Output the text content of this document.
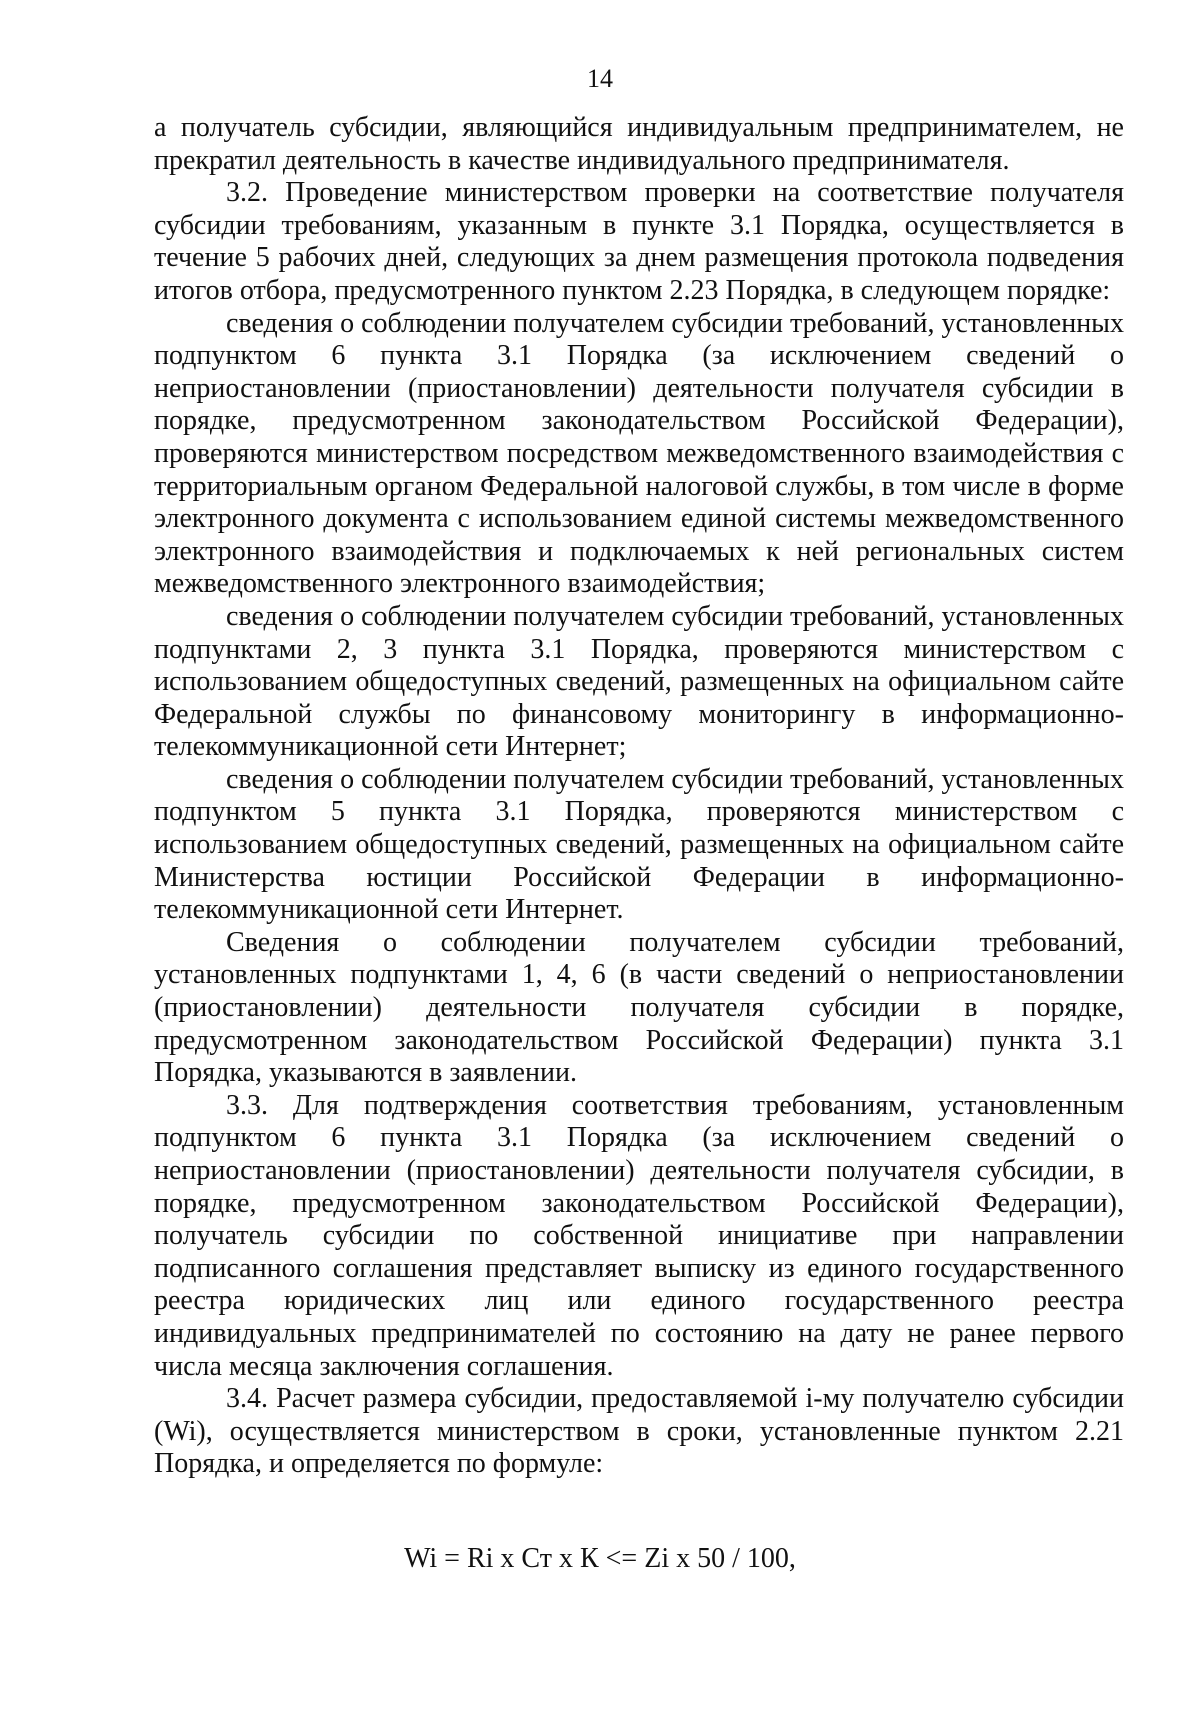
14

а получатель субсидии, являющийся индивидуальным предпринимателем, не прекратил деятельность в качестве индивидуального предпринимателя.

3.2. Проведение министерством проверки на соответствие получателя субсидии требованиям, указанным в пункте 3.1 Порядка, осуществляется в течение 5 рабочих дней, следующих за днем размещения протокола подведения итогов отбора, предусмотренного пунктом 2.23 Порядка, в следующем порядке:

сведения о соблюдении получателем субсидии требований, установленных подпунктом 6 пункта 3.1 Порядка (за исключением сведений о неприостановлении (приостановлении) деятельности получателя субсидии в порядке, предусмотренном законодательством Российской Федерации), проверяются министерством посредством межведомственного взаимодействия с территориальным органом Федеральной налоговой службы, в том числе в форме электронного документа с использованием единой системы межведомственного электронного взаимодействия и подключаемых к ней региональных систем межведомственного электронного взаимодействия;

сведения о соблюдении получателем субсидии требований, установленных подпунктами 2, 3 пункта 3.1 Порядка, проверяются министерством с использованием общедоступных сведений, размещенных на официальном сайте Федеральной службы по финансовому мониторингу в информационно-телекоммуникационной сети Интернет;

сведения о соблюдении получателем субсидии требований, установленных подпунктом 5 пункта 3.1 Порядка, проверяются министерством с использованием общедоступных сведений, размещенных на официальном сайте Министерства юстиции Российской Федерации в информационно-телекоммуникационной сети Интернет.

Сведения о соблюдении получателем субсидии требований, установленных подпунктами 1, 4, 6 (в части сведений о неприостановлении (приостановлении) деятельности получателя субсидии в порядке, предусмотренном законодательством Российской Федерации) пункта 3.1 Порядка, указываются в заявлении.

3.3. Для подтверждения соответствия требованиям, установленным подпунктом 6 пункта 3.1 Порядка (за исключением сведений о неприостановлении (приостановлении) деятельности получателя субсидии, в порядке, предусмотренном законодательством Российской Федерации), получатель субсидии по собственной инициативе при направлении подписанного соглашения представляет выписку из единого государственного реестра юридических лиц или единого государственного реестра индивидуальных предпринимателей по состоянию на дату не ранее первого числа месяца заключения соглашения.

3.4. Расчет размера субсидии, предоставляемой i-му получателю субсидии (Wi), осуществляется министерством в сроки, установленные пунктом 2.21 Порядка, и определяется по формуле:

Wi = Ri x Ст x К <= Zi x 50 / 100,
